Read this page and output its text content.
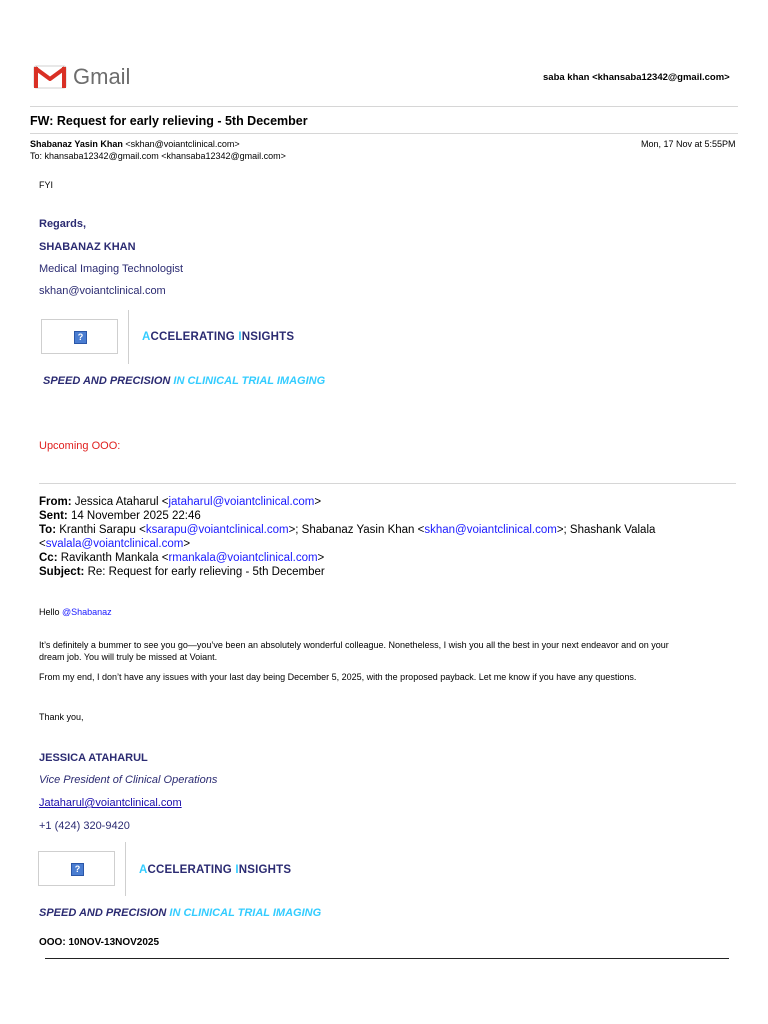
Gmail	saba khan <khansaba12342@gmail.com>
FW: Request for early relieving - 5th December
Shabanaz Yasin Khan <skhan@voiantclinical.com>	Mon, 17 Nov at 5:55PM
To: khansaba12342@gmail.com <khansaba12342@gmail.com>
FYI
Regards,
SHABANAZ KHAN
Medical Imaging Technologist
skhan@voiantclinical.com
?	ACCELERATING INSIGHTS
SPEED AND PRECISION IN CLINICAL TRIAL IMAGING
Upcoming OOO:
From: Jessica Ataharul <jataharul@voiantclinical.com>
Sent: 14 November 2025 22:46
To: Kranthi Sarapu <ksarapu@voiantclinical.com>; Shabanaz Yasin Khan <skhan@voiantclinical.com>; Shashank Valala
<svalala@voiantclinical.com>
Cc: Ravikanth Mankala <rmankala@voiantclinical.com>
Subject: Re: Request for early relieving - 5th December
Hello @Shabanaz
It’s definitely a bummer to see you go—you’ve been an absolutely wonderful colleague. Nonetheless, I wish you all the best in your next endeavor and on your
dream job. You will truly be missed at Voiant.
From my end, I don’t have any issues with your last day being December 5, 2025, with the proposed payback. Let me know if you have any questions.
Thank you,
JESSICA ATAHARUL
Vice President of Clinical Operations
Jataharul@voiantclinical.com
+1 (424) 320-9420
?	ACCELERATING INSIGHTS
SPEED AND PRECISION IN CLINICAL TRIAL IMAGING
OOO: 10NOV-13NOV2025
